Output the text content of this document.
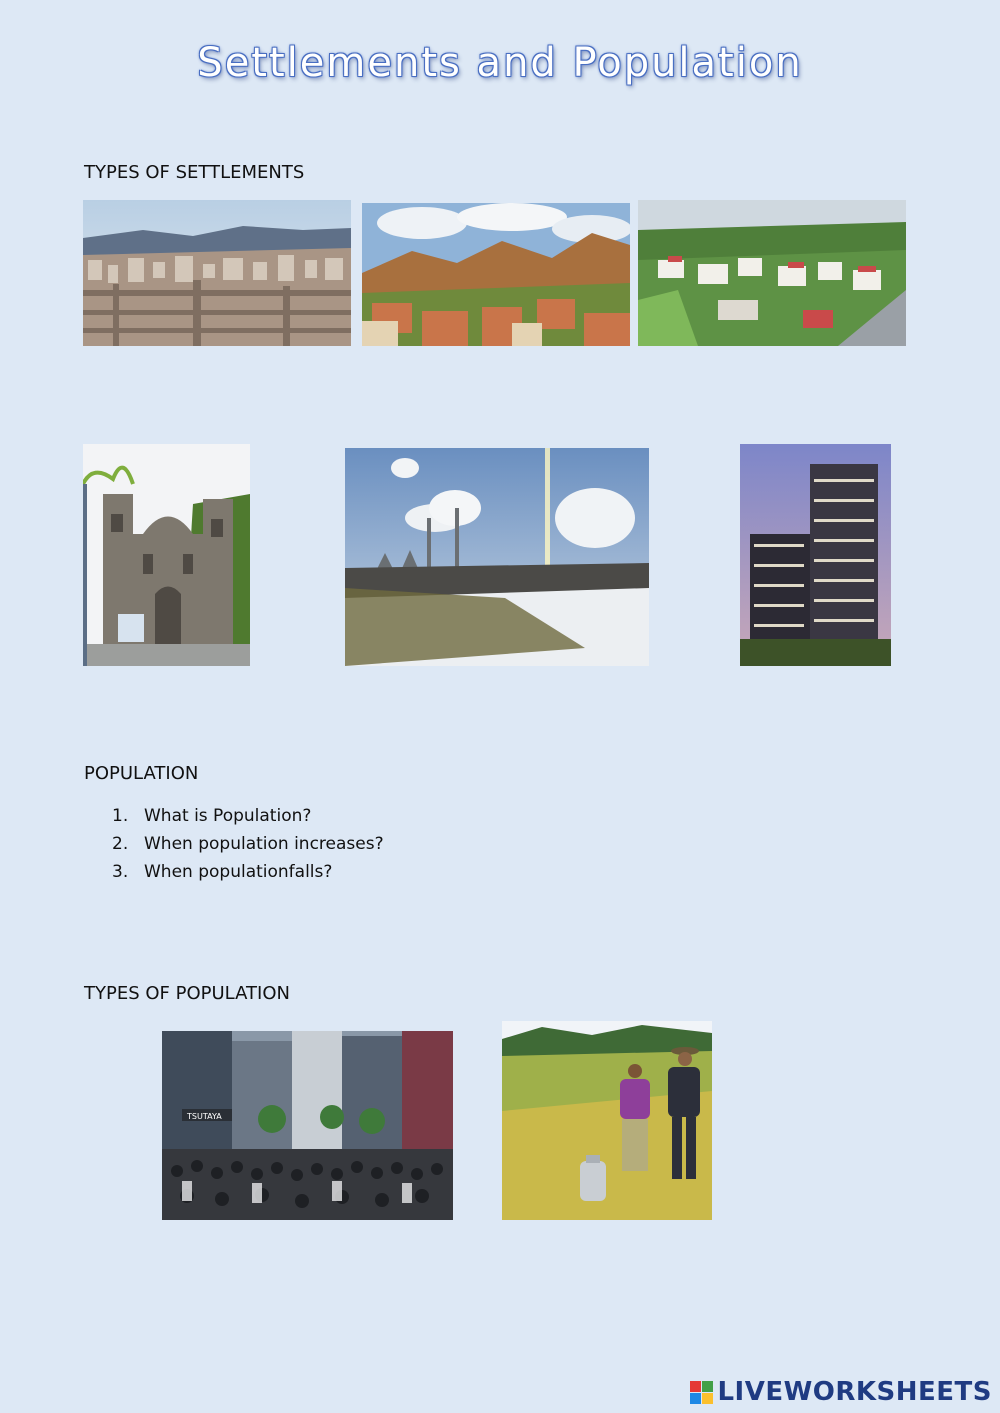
Settlements and Population
TYPES OF SETTLEMENTS
POPULATION
1. What is Population?
2. When population increases?
3. When populationfalls?
TYPES OF POPULATION
TSUTAYA
LIVEWORKSHEETS
